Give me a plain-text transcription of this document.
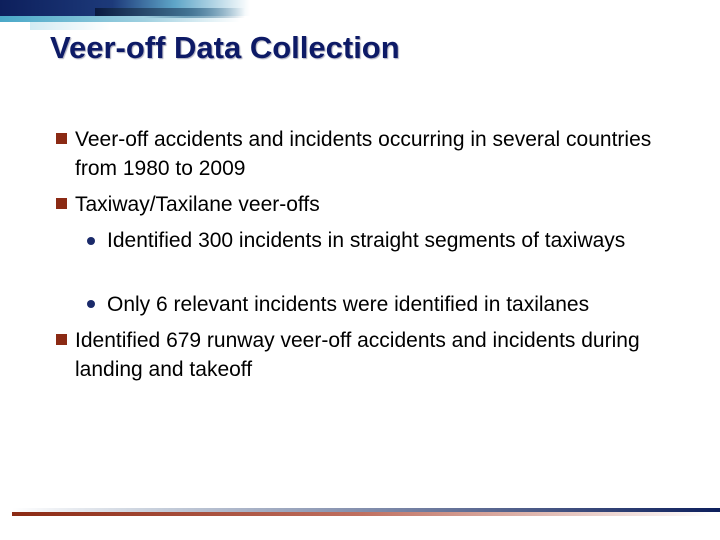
Veer-off Data Collection
Veer-off accidents and incidents occurring in several countries from 1980 to 2009
Taxiway/Taxilane veer-offs
Identified 300 incidents in straight segments of taxiways
Only 6 relevant incidents were identified in taxilanes
Identified 679 runway veer-off accidents and incidents during landing and takeoff
